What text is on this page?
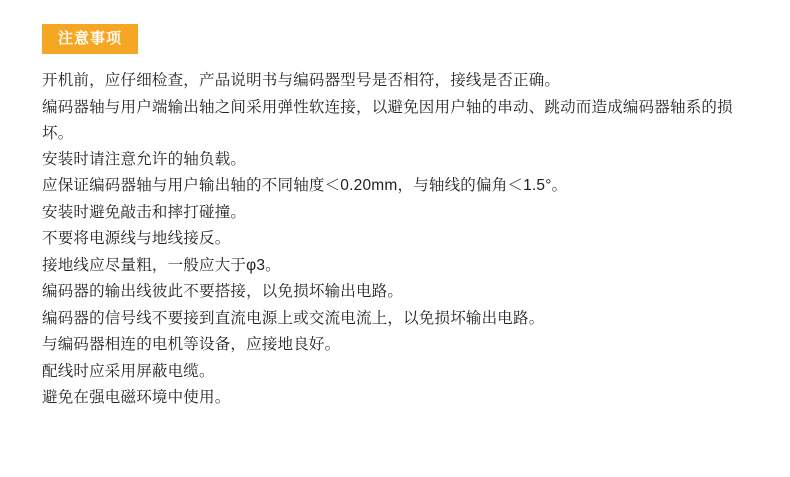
注意事项

开机前，应仔细检查，产品说明书与编码器型号是否相符，接线是否正确。

编码器轴与用户端输出轴之间采用弹性软连接，以避免因用户轴的串动、跳动而造成编码器轴系的损坏。

安装时请注意允许的轴负载。

应保证编码器轴与用户输出轴的不同轴度＜0.20mm，与轴线的偏角＜1.5°。

安装时避免敲击和摔打碰撞。

不要将电源线与地线接反。

接地线应尽量粗，一般应大于φ3。

编码器的输出线彼此不要搭接，以免损坏输出电路。

编码器的信号线不要接到直流电源上或交流电流上，以免损坏输出电路。

与编码器相连的电机等设备，应接地良好。

配线时应采用屏蔽电缆。

避免在强电磁环境中使用。
